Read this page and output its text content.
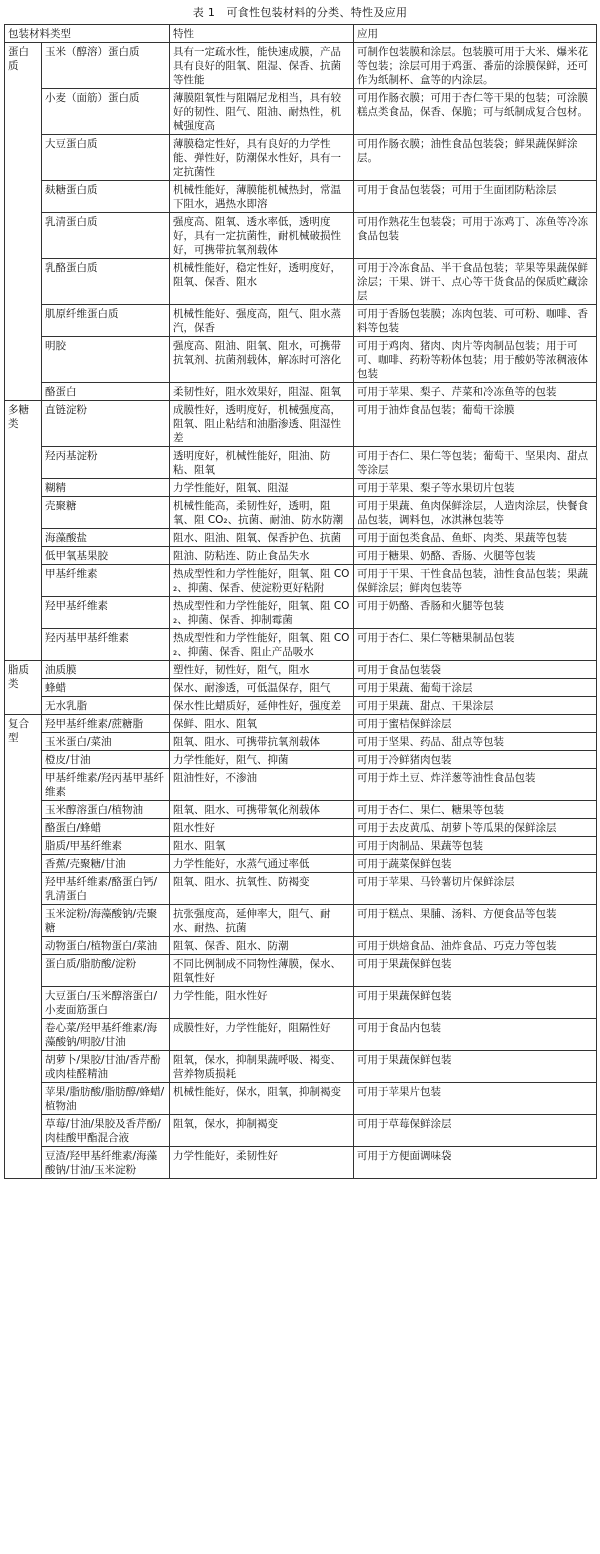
表 1　可食性包装材料的分类、特性及应用
包装材料类型		特性	应用
蛋白质	玉米（醇溶）蛋白质	具有一定疏水性，能快速成膜，产品具有良好的阻氧、阻湿、保香、抗菌等性能	可制作包装膜和涂层。包装膜可用于大米、爆米花等包装；涂层可用于鸡蛋、番茄的涂膜保鲜，还可作为纸制杯、盒等的内涂层。
	小麦（面筋）蛋白质	薄膜阻氧性与阻隔尼龙相当，具有较好的韧性、阻气、阻油、耐热性，机械强度高	可用作肠衣膜；可用于杏仁等干果的包装；可涂膜糕点类食品，保香、保脆；可与纸制成复合包材。
	大豆蛋白质	薄膜稳定性好，具有良好的力学性能、弹性好，防潮保水性好，具有一定抗菌性	可用作肠衣膜；油性食品包装袋；鲜果蔬保鲜涂层。
	麸糖蛋白质	机械性能好，薄膜能机械热封，常温下阻水，遇热水即溶	可用于食品包装袋；可用于生面团防粘涂层
	乳清蛋白质	强度高、阻氧、透水率低，透明度好，具有一定抗菌性，耐机械破损性好，可携带抗氧剂载体	可用作熟花生包装袋；可用于冻鸡丁、冻鱼等冷冻食品包装
	乳酪蛋白质	机械性能好，稳定性好，透明度好，阻氧、保香、阻水	可用于冷冻食品、半干食品包装；苹果等果蔬保鲜涂层；干果、饼干、点心等干货食品的保质贮藏涂层
	肌原纤维蛋白质	机械性能好、强度高，阻气、阻水蒸汽，保香	可用于香肠包装膜；冻肉包装、可可粉、咖啡、香料等包装
	明胶	强度高、阻油、阻氧、阻水，可携带抗氧剂、抗菌剂载体，解冻时可溶化	可用于鸡肉、猪肉、肉片等肉制品包装；用于可可、咖啡、药粉等粉体包装；用于酸奶等浓稠液体包装
	酪蛋白	柔韧性好，阻水效果好，阻湿、阻氧	可用于苹果、梨子、芹菜和冷冻鱼等的包装
多糖类	直链淀粉	成膜性好，透明度好，机械强度高，阻氧、阻止粘结和油脂渗透、阻湿性差	可用于油炸食品包装；葡萄干涂膜
	羟丙基淀粉	透明度好，机械性能好，阻油、防粘、阻氧	可用于杏仁、果仁等包装；葡萄干、坚果肉、甜点等涂层
	糊精	力学性能好，阻氧、阻湿	可用于苹果、梨子等水果切片包装
	壳聚糖	机械性能高，柔韧性好，透明，阻氧、阻 CO₂、抗菌、耐油、防水防潮	可用于果蔬、鱼肉保鲜涂层，人造肉涂层，快餐食品包装，调料包，冰淇淋包装等
	海藻酸盐	阻水、阻油、阻氧、保香护色、抗菌	可用于面包类食品、鱼虾、肉类、果蔬等包装
	低甲氧基果胶	阻油、防粘连、防止食品失水	可用于糖果、奶酪、香肠、火腿等包装
	甲基纤维素	热成型性和力学性能好，阻氧、阻 CO₂、抑菌、保香、使淀粉更好粘附	可用于干果、干性食品包装，油性食品包装；果蔬保鲜涂层；鲜肉包装等
	羟甲基纤维素	热成型性和力学性能好，阻氧、阻 CO₂、抑菌、保香、抑制霉菌	可用于奶酪、香肠和火腿等包装
	羟丙基甲基纤维素	热成型性和力学性能好，阻氧、阻 CO₂、抑菌、保香、阻止产品吸水	可用于杏仁、果仁等糖果制品包装
脂质类	油质膜	塑性好，韧性好，阻气，阻水	可用于食品包装袋
	蜂蜡	保水、耐渗透，可低温保存，阻气	可用于果蔬、葡萄干涂层
	无水乳脂	保水性比蜡质好，延伸性好，强度差	可用于果蔬、甜点、干果涂层
复合型	羟甲基纤维素/蔗糖脂	保鲜、阻水、阻氧	可用于蜜桔保鲜涂层
	玉米蛋白/菜油	阻氧、阻水、可携带抗氧剂载体	可用于坚果、药品、甜点等包装
	橙皮/甘油	力学性能好，阻气、抑菌	可用于冷鲜猪肉包装
	甲基纤维素/羟丙基甲基纤维素	阻油性好，不渗油	可用于炸土豆、炸洋葱等油性食品包装
	玉米醇溶蛋白/植物油	阻氧、阻水、可携带氧化剂载体	可用于杏仁、果仁、糖果等包装
	酪蛋白/蜂蜡	阻水性好	可用于去皮黄瓜、胡萝卜等瓜果的保鲜涂层
	脂质/甲基纤维素	阻水、阻氧	可用于肉制品、果蔬等包装
	香蕉/壳聚糖/甘油	力学性能好，水蒸气通过率低	可用于蔬菜保鲜包装
	羟甲基纤维素/酪蛋白钙/乳清蛋白	阻氧、阻水、抗氧性、防褐变	可用于苹果、马铃薯切片保鲜涂层
	玉米淀粉/海藻酸钠/壳聚糖	抗张强度高，延伸率大，阻气、耐水、耐热、抗菌	可用于糕点、果脯、汤料、方便食品等包装
	动物蛋白/植物蛋白/菜油	阻氧、保香、阻水、防潮	可用于烘焙食品、油炸食品、巧克力等包装
	蛋白质/脂肪酸/淀粉	不同比例制成不同物性薄膜，保水、阻氧性好	可用于果蔬保鲜包装
	大豆蛋白/玉米醇溶蛋白/小麦面筋蛋白	力学性能，阻水性好	可用于果蔬保鲜包装
	卷心菜/羟甲基纤维素/海藻酸钠/明胶/甘油	成膜性好，力学性能好，阻隔性好	可用于食品内包装
	胡萝卜/果胶/甘油/香芹酚或肉桂醛精油	阻氧，保水，抑制果蔬呼吸、褐变、营养物质损耗	可用于果蔬保鲜包装
	苹果/脂肪酸/脂肪醇/蜂蜡/植物油	机械性能好，保水，阻氧，抑制褐变	可用于苹果片包装
	草莓/甘油/果胶及香芹酚/肉桂酸甲酯混合液	阻氧，保水，抑制褐变	可用于草莓保鲜涂层
	豆渣/羟甲基纤维素/海藻酸钠/甘油/玉米淀粉	力学性能好，柔韧性好	可用于方便面调味袋
